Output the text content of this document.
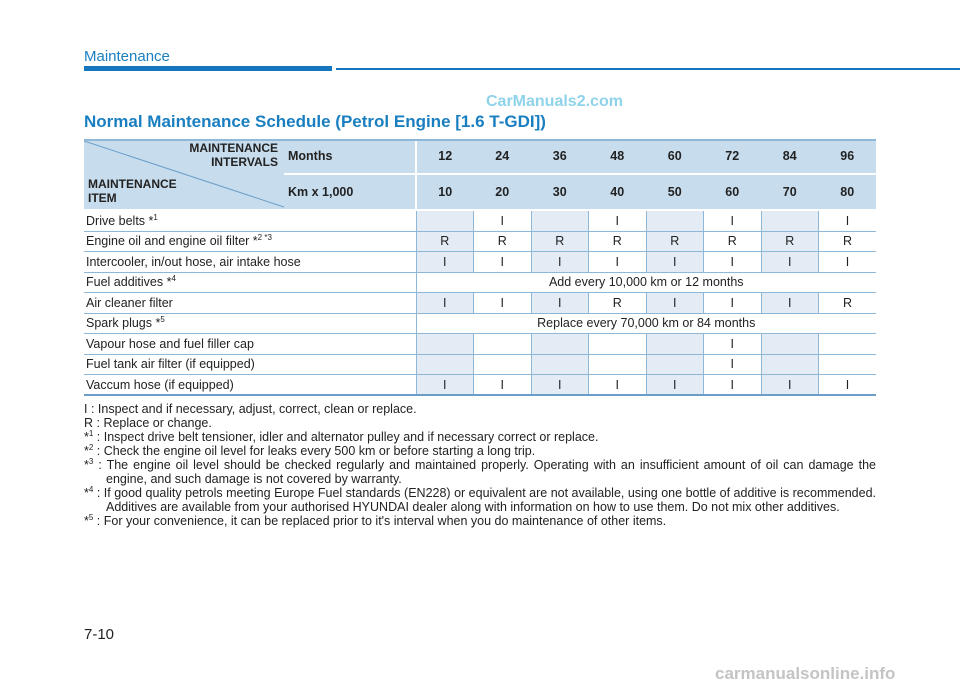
Maintenance
CarManuals2.com
Normal Maintenance Schedule (Petrol Engine [1.6 T-GDI])
MAINTENANCE
INTERVALS
MAINTENANCE
ITEM	Months	12	24	36	48	60	72	84	96
	Km x 1,000	10	20	30	40	50	60	70	80
Drive belts *$^1$			I		I		I		I
Engine oil and engine oil filter *$^2$ $^{*3}$		R	R	R	R	R	R	R	R
Intercooler, in/out hose, air intake hose		I	I	I	I	I	I	I	I
Fuel additives *$^4$		Add every 10,000 km or 12 months							
Air cleaner filter		I	I	I	R	I	I	I	R
Spark plugs *$^5$		Replace every 70,000 km or 84 months							
Vapour hose and fuel filler cap							I		
Fuel tank air filter (if equipped)							I		
Vaccum hose (if equipped)		I	I	I	I	I	I	I	I
I : Inspect and if necessary, adjust, correct, clean or replace.
R : Replace or change.
*$^1$ : Inspect drive belt tensioner, idler and alternator pulley and if necessary correct or replace.
*$^2$ : Check the engine oil level for leaks every 500 km or before starting a long trip.
*$^3$ : The engine oil level should be checked regularly and maintained properly. Operating with an insufficient amount of oil can damage the engine, and such damage is not covered by warranty.
*$^4$ : If good quality petrols meeting Europe Fuel standards (EN228) or equivalent are not available, using one bottle of additive is recommended. Additives are available from your authorised HYUNDAI dealer along with information on how to use them. Do not mix other additives.
*$^5$ : For your convenience, it can be replaced prior to it's interval when you do maintenance of other items.
7-10
carmanualsonline.info
